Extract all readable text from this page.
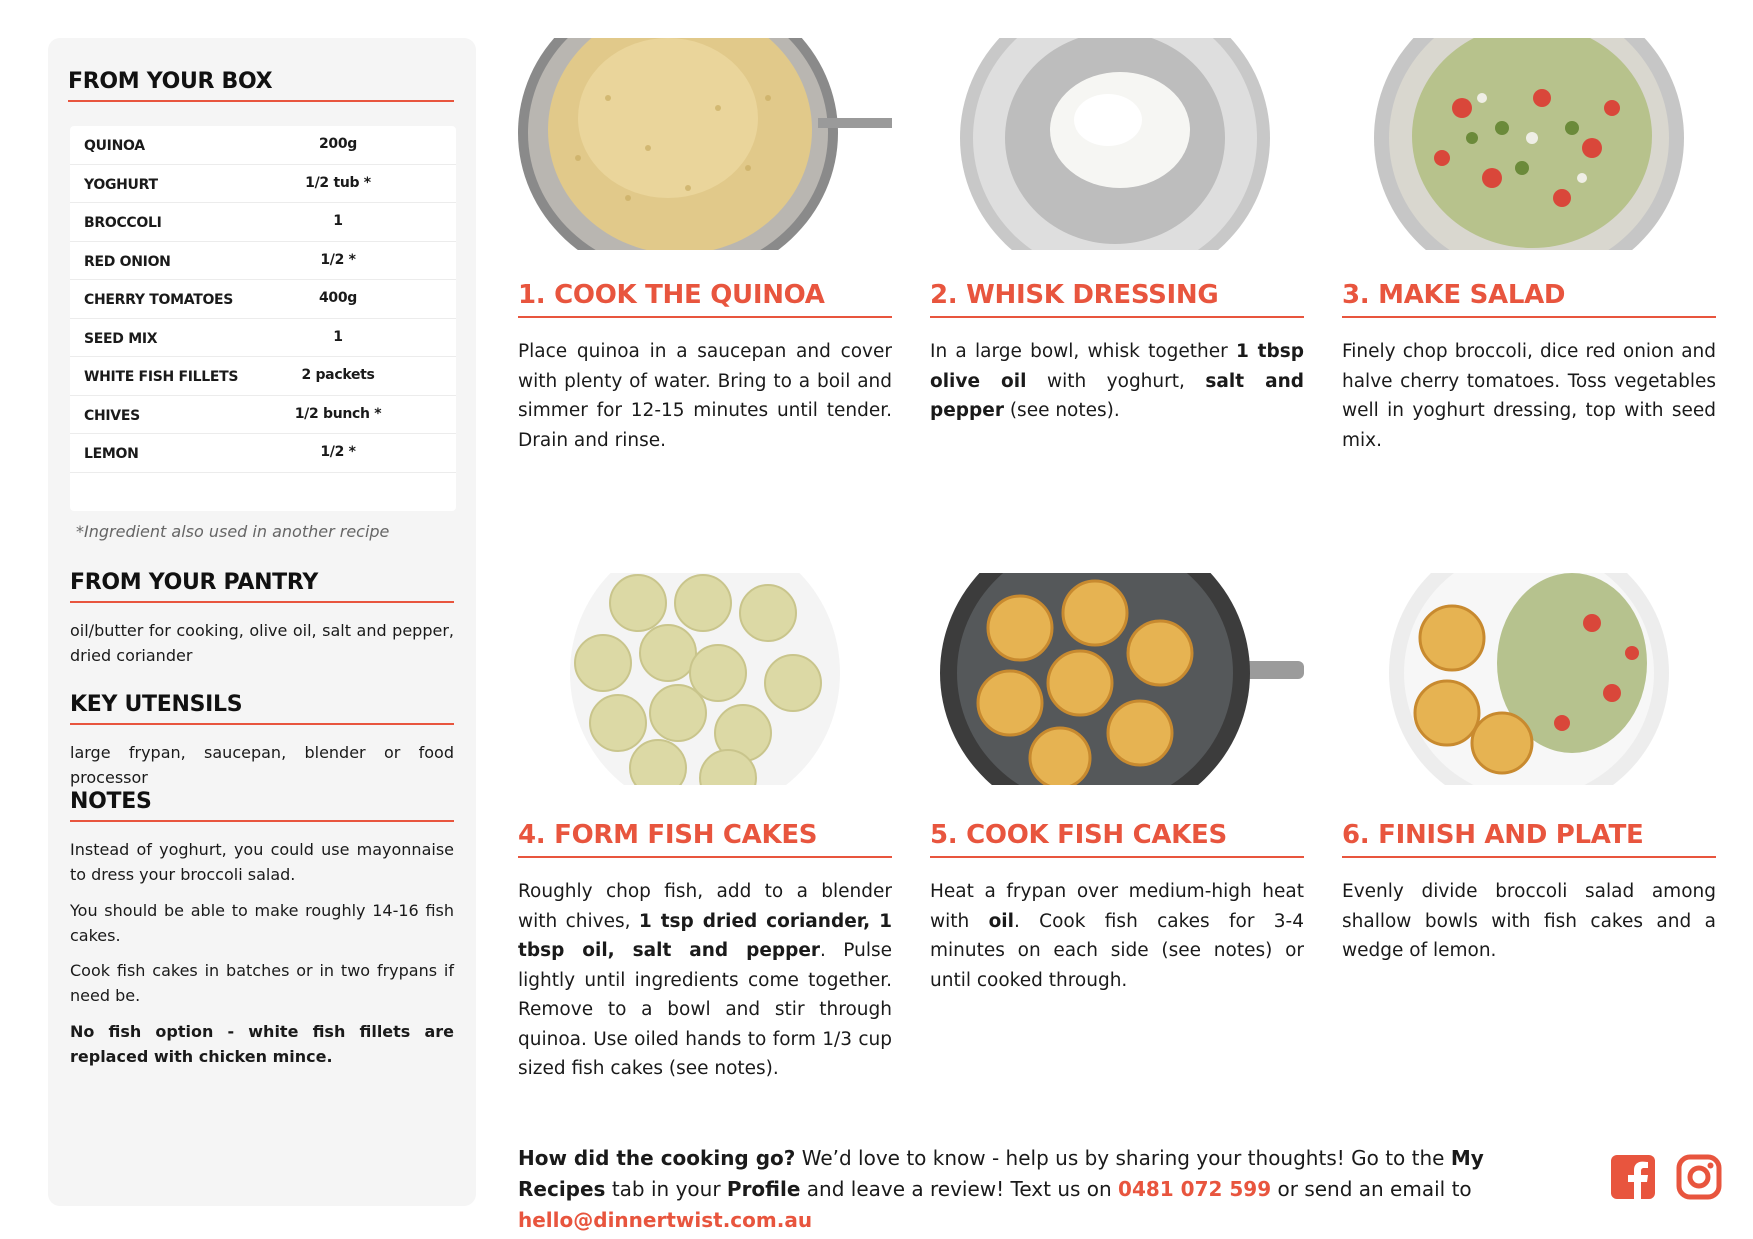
FROM YOUR BOX
QUINOA	200g
YOGHURT	1/2 tub *
BROCCOLI	1
RED ONION	1/2 *
CHERRY TOMATOES	400g
SEED MIX	1
WHITE FISH FILLETS	2 packets
CHIVES	1/2 bunch *
LEMON	1/2 *
*Ingredient also used in another recipe
FROM YOUR PANTRY
oil/butter for cooking, olive oil, salt and pepper, dried coriander
KEY UTENSILS
large frypan, saucepan, blender or food processor
NOTES
Instead of yoghurt, you could use mayonnaise to dress your broccoli salad.
You should be able to make roughly 14-16 fish cakes.
Cook fish cakes in batches or in two frypans if need be.
No fish option - white fish fillets are replaced with chicken mince.
1. COOK THE QUINOA	2. WHISK DRESSING	3. MAKE SALAD
4. FORM FISH CAKES	5. COOK FISH CAKES	6. FINISH AND PLATE
Place quinoa in a saucepan and cover with plenty of water. Bring to a boil and simmer for 12-15 minutes until tender. Drain and rinse.
In a large bowl, whisk together 1 tbsp olive oil with yoghurt, salt and pepper (see notes).
Finely chop broccoli, dice red onion and halve cherry tomatoes. Toss vegetables well in yoghurt dressing, top with seed mix.
Roughly chop fish, add to a blender with chives, 1 tsp dried coriander, 1 tbsp oil, salt and pepper. Pulse lightly until ingredients come together. Remove to a bowl and stir through quinoa. Use oiled hands to form 1/3 cup sized fish cakes (see notes).
Heat a frypan over medium-high heat with oil. Cook fish cakes for 3-4 minutes on each side (see notes) or until cooked through.
Evenly divide broccoli salad among shallow bowls with fish cakes and a wedge of lemon.
How did the cooking go? We’d love to know - help us by sharing your thoughts! Go to the My Recipes tab in your Profile and leave a review! Text us on 0481 072 599 or send an email to hello@dinnertwist.com.au
